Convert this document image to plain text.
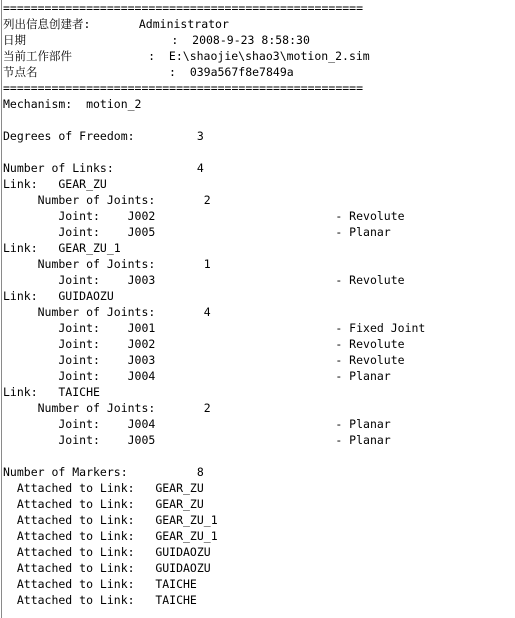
====================================================
列出信息创建者:       Administrator
日期                     :  2008-9-23 8:58:30
当前工作部件           :  E:\shaojie\shao3\motion_2.sim
节点名                   :  039a567f8e7849a
====================================================
Mechanism:  motion_2
Degrees of Freedom:         3
Number of Links:            4
Link:   GEAR_ZU
Number of Joints:       2
Joint:    J002                          - Revolute
Joint:    J005                          - Planar
Link:   GEAR_ZU_1
Number of Joints:       1
Joint:    J003                          - Revolute
Link:   GUIDAOZU
Number of Joints:       4
Joint:    J001                          - Fixed Joint
Joint:    J002                          - Revolute
Joint:    J003                          - Revolute
Joint:    J004                          - Planar
Link:   TAICHE
Number of Joints:       2
Joint:    J004                          - Planar
Joint:    J005                          - Planar
Number of Markers:          8
Attached to Link:   GEAR_ZU
Attached to Link:   GEAR_ZU
Attached to Link:   GEAR_ZU_1
Attached to Link:   GEAR_ZU_1
Attached to Link:   GUIDAOZU
Attached to Link:   GUIDAOZU
Attached to Link:   TAICHE
Attached to Link:   TAICHE
